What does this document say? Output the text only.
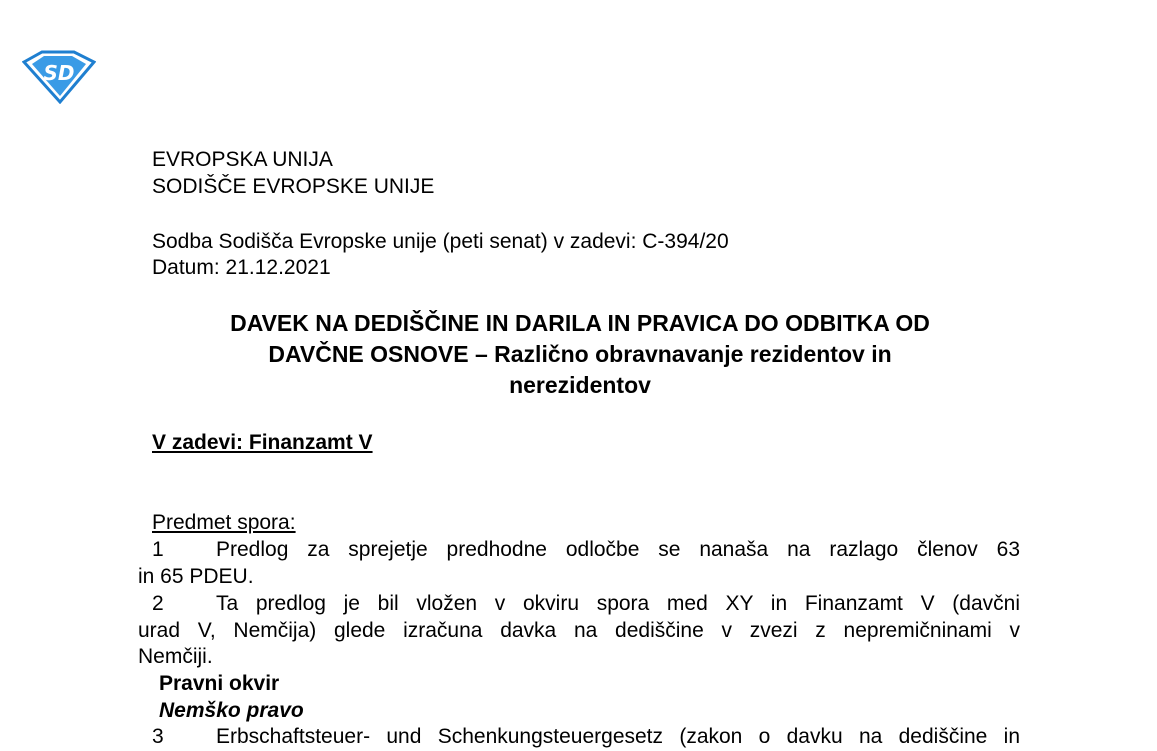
SD
EVROPSKA UNIJA
SODIŠČE EVROPSKE UNIJE
Sodba Sodišča Evropske unije (peti senat) v zadevi: C-394/20
Datum: 21.12.2021
DAVEK NA DEDIŠČINE IN DARILA IN PRAVICA DO ODBITKA OD
DAVČNE OSNOVE – Različno obravnavanje rezidentov in
nerezidentov
V zadevi: Finanzamt V
Predmet spora:
1 Predlog za sprejetje predhodne odločbe se nanaša na razlago členov 63
in 65 PDEU.
2 Ta predlog je bil vložen v okviru spora med XY in Finanzamt V (davčni
urad V, Nemčija) glede izračuna davka na dediščine v zvezi z nepremičninami v
Nemčiji.
Pravni okvir
Nemško pravo
3 Erbschaftsteuer- und Schenkungsteuergesetz (zakon o davku na dediščine in
